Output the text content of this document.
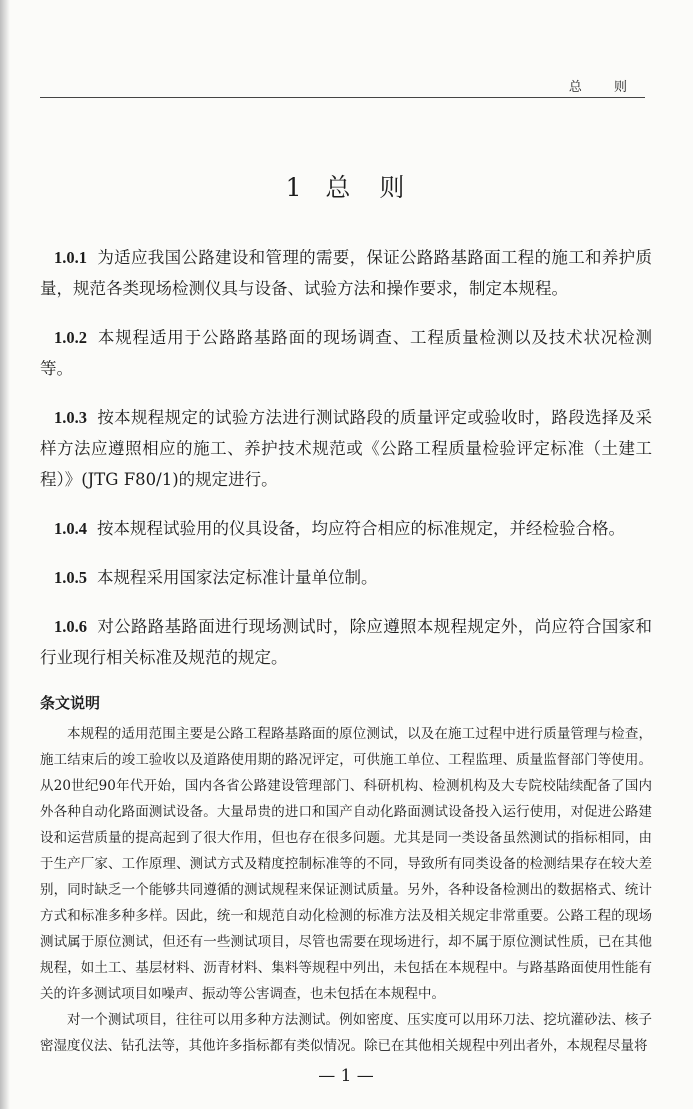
总 则
1 总　则
1.0.1 为适应我国公路建设和管理的需要，保证公路路基路面工程的施工和养护质量，规范各类现场检测仪具与设备、试验方法和操作要求，制定本规程。
1.0.2 本规程适用于公路路基路面的现场调查、工程质量检测以及技术状况检测等。
1.0.3 按本规程规定的试验方法进行测试路段的质量评定或验收时，路段选择及采样方法应遵照相应的施工、养护技术规范或《公路工程质量检验评定标准（土建工程）》(JTG F80/1)的规定进行。
1.0.4 按本规程试验用的仪具设备，均应符合相应的标准规定，并经检验合格。
1.0.5 本规程采用国家法定标准计量单位制。
1.0.6 对公路路基路面进行现场测试时，除应遵照本规程规定外，尚应符合国家和行业现行相关标准及规范的规定。
条文说明
本规程的适用范围主要是公路工程路基路面的原位测试，以及在施工过程中进行质量管理与检查，施工结束后的竣工验收以及道路使用期的路况评定，可供施工单位、工程监理、质量监督部门等使用。从20世纪90年代开始，国内各省公路建设管理部门、科研机构、检测机构及大专院校陆续配备了国内外各种自动化路面测试设备。大量昂贵的进口和国产自动化路面测试设备投入运行使用，对促进公路建设和运营质量的提高起到了很大作用，但也存在很多问题。尤其是同一类设备虽然测试的指标相同，由于生产厂家、工作原理、测试方式及精度控制标准等的不同，导致所有同类设备的检测结果存在较大差别，同时缺乏一个能够共同遵循的测试规程来保证测试质量。另外，各种设备检测出的数据格式、统计方式和标准多种多样。因此，统一和规范自动化检测的标准方法及相关规定非常重要。公路工程的现场测试属于原位测试，但还有一些测试项目，尽管也需要在现场进行，却不属于原位测试性质，已在其他规程，如土工、基层材料、沥青材料、集料等规程中列出，未包括在本规程中。与路基路面使用性能有关的许多测试项目如噪声、振动等公害调查，也未包括在本规程中。
对一个测试项目，往往可以用多种方法测试。例如密度、压实度可以用环刀法、挖坑灌砂法、核子密湿度仪法、钻孔法等，其他许多指标都有类似情况。除已在其他相关规程中列出者外，本规程尽量将
— 1 —
